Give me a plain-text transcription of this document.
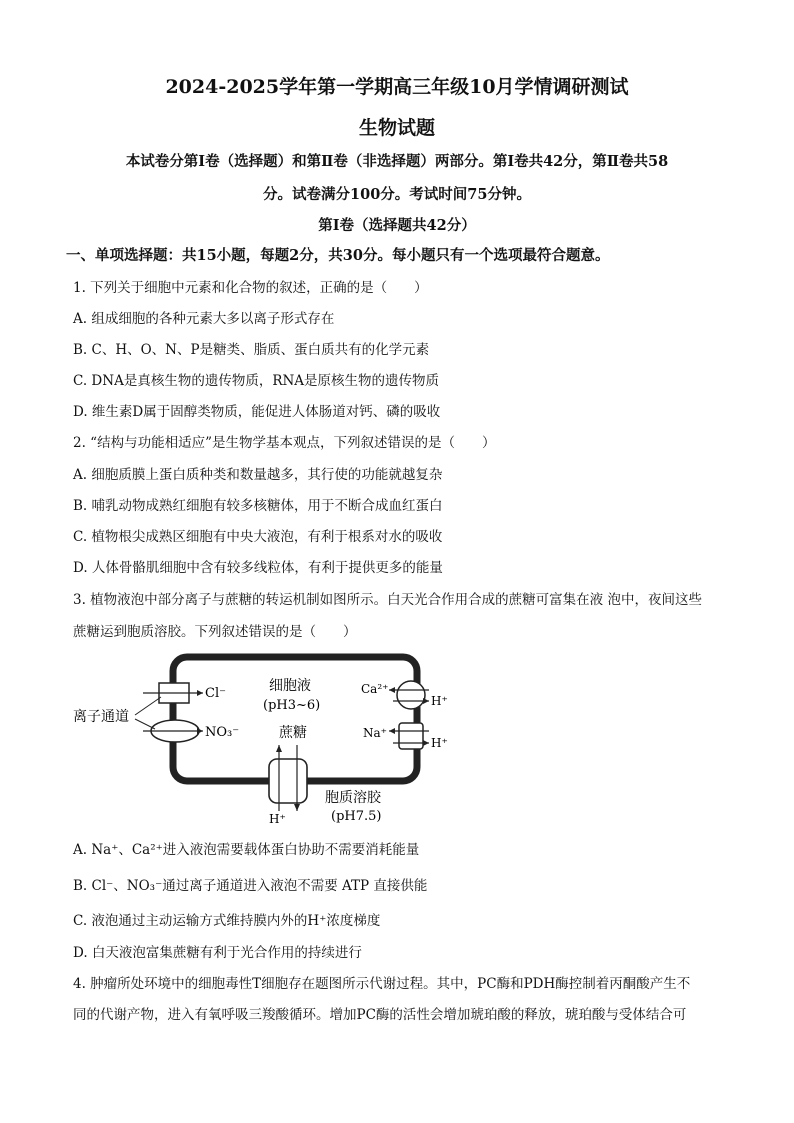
2024-2025学年第一学期高三年级10月学情调研测试
生物试题
本试卷分第Ⅰ卷（选择题）和第Ⅱ卷（非选择题）两部分。第Ⅰ卷共42分，第Ⅱ卷共58
分。试卷满分100分。考试时间75分钟。
第Ⅰ卷（选择题共42分）
一、单项选择题：共15小题，每题2分，共30分。每小题只有一个选项最符合题意。
1. 下列关于细胞中元素和化合物的叙述，正确的是（　　）
A. 组成细胞的各种元素大多以离子形式存在
B. C、H、O、N、P是糖类、脂质、蛋白质共有的化学元素
C. DNA是真核生物的遗传物质，RNA是原核生物的遗传物质
D. 维生素D属于固醇类物质，能促进人体肠道对钙、磷的吸收
2. “结构与功能相适应”是生物学基本观点，下列叙述错误的是（　　）
A. 细胞质膜上蛋白质种类和数量越多，其行使的功能就越复杂
B. 哺乳动物成熟红细胞有较多核糖体，用于不断合成血红蛋白
C. 植物根尖成熟区细胞有中央大液泡，有利于根系对水的吸收
D. 人体骨骼肌细胞中含有较多线粒体，有利于提供更多的能量
3. 植物液泡中部分离子与蔗糖的转运机制如图所示。白天光合作用合成的蔗糖可富集在液 泡中，夜间这些
蔗糖运到胞质溶胶。下列叙述错误的是（　　）
Cl⁻
NO₃⁻
离子通道
细胞液
(pH3~6)
蔗糖
H⁺
胞质溶胶
(pH7.5)
Ca²⁺
H⁺
Na⁺
H⁺
A. Na⁺、Ca²⁺进入液泡需要载体蛋白协助不需要消耗能量
B. Cl⁻、NO₃⁻通过离子通道进入液泡不需要 ATP 直接供能
C. 液泡通过主动运输方式维持膜内外的H⁺浓度梯度
D. 白天液泡富集蔗糖有利于光合作用的持续进行
4. 肿瘤所处环境中的细胞毒性T细胞存在题图所示代谢过程。其中，PC酶和PDH酶控制着丙酮酸产生不
同的代谢产物，进入有氧呼吸三羧酸循环。增加PC酶的活性会增加琥珀酸的释放，琥珀酸与受体结合可
